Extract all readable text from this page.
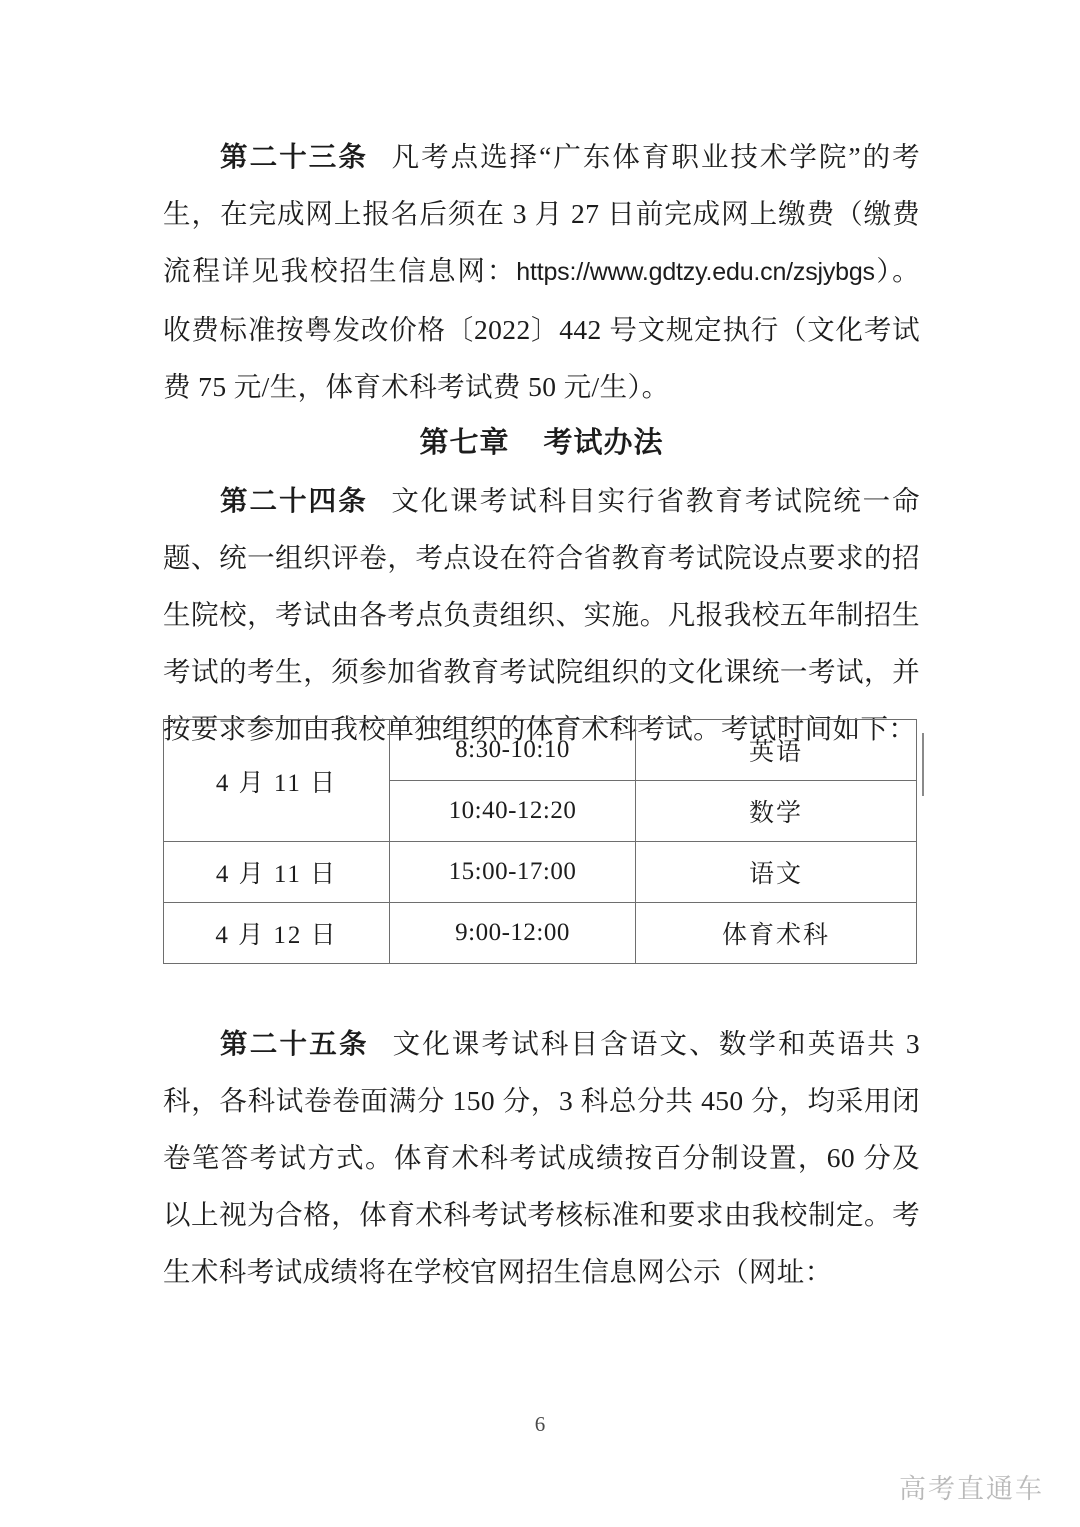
第二十三条 凡考点选择“广东体育职业技术学院”的考生，在完成网上报名后须在 3 月 27 日前完成网上缴费（缴费流程详见我校招生信息网：https://www.gdtzy.edu.cn/zsjybgs）。收费标准按粤发改价格〔2022〕442 号文规定执行（文化考试费 75 元/生，体育术科考试费 50 元/生）。

第七章 考试办法

第二十四条 文化课考试科目实行省教育考试院统一命题、统一组织评卷，考点设在符合省教育考试院设点要求的招生院校，考试由各考点负责组织、实施。凡报我校五年制招生考试的考生，须参加省教育考试院组织的文化课统一考试，并按要求参加由我校单独组织的体育术科考试。考试时间如下：

4 月 11 日	8:30-10:10	英语
	10:40-12:20	数学
4 月 11 日	15:00-17:00	语文
4 月 12 日	9:00-12:00	体育术科

第二十五条 文化课考试科目含语文、数学和英语共 3 科，各科试卷卷面满分 150 分，3 科总分共 450 分，均采用闭卷笔答考试方式。体育术科考试成绩按百分制设置，60 分及以上视为合格，体育术科考试考核标准和要求由我校制定。考生术科考试成绩将在学校官网招生信息网公示（网址：

6
高考直通车
